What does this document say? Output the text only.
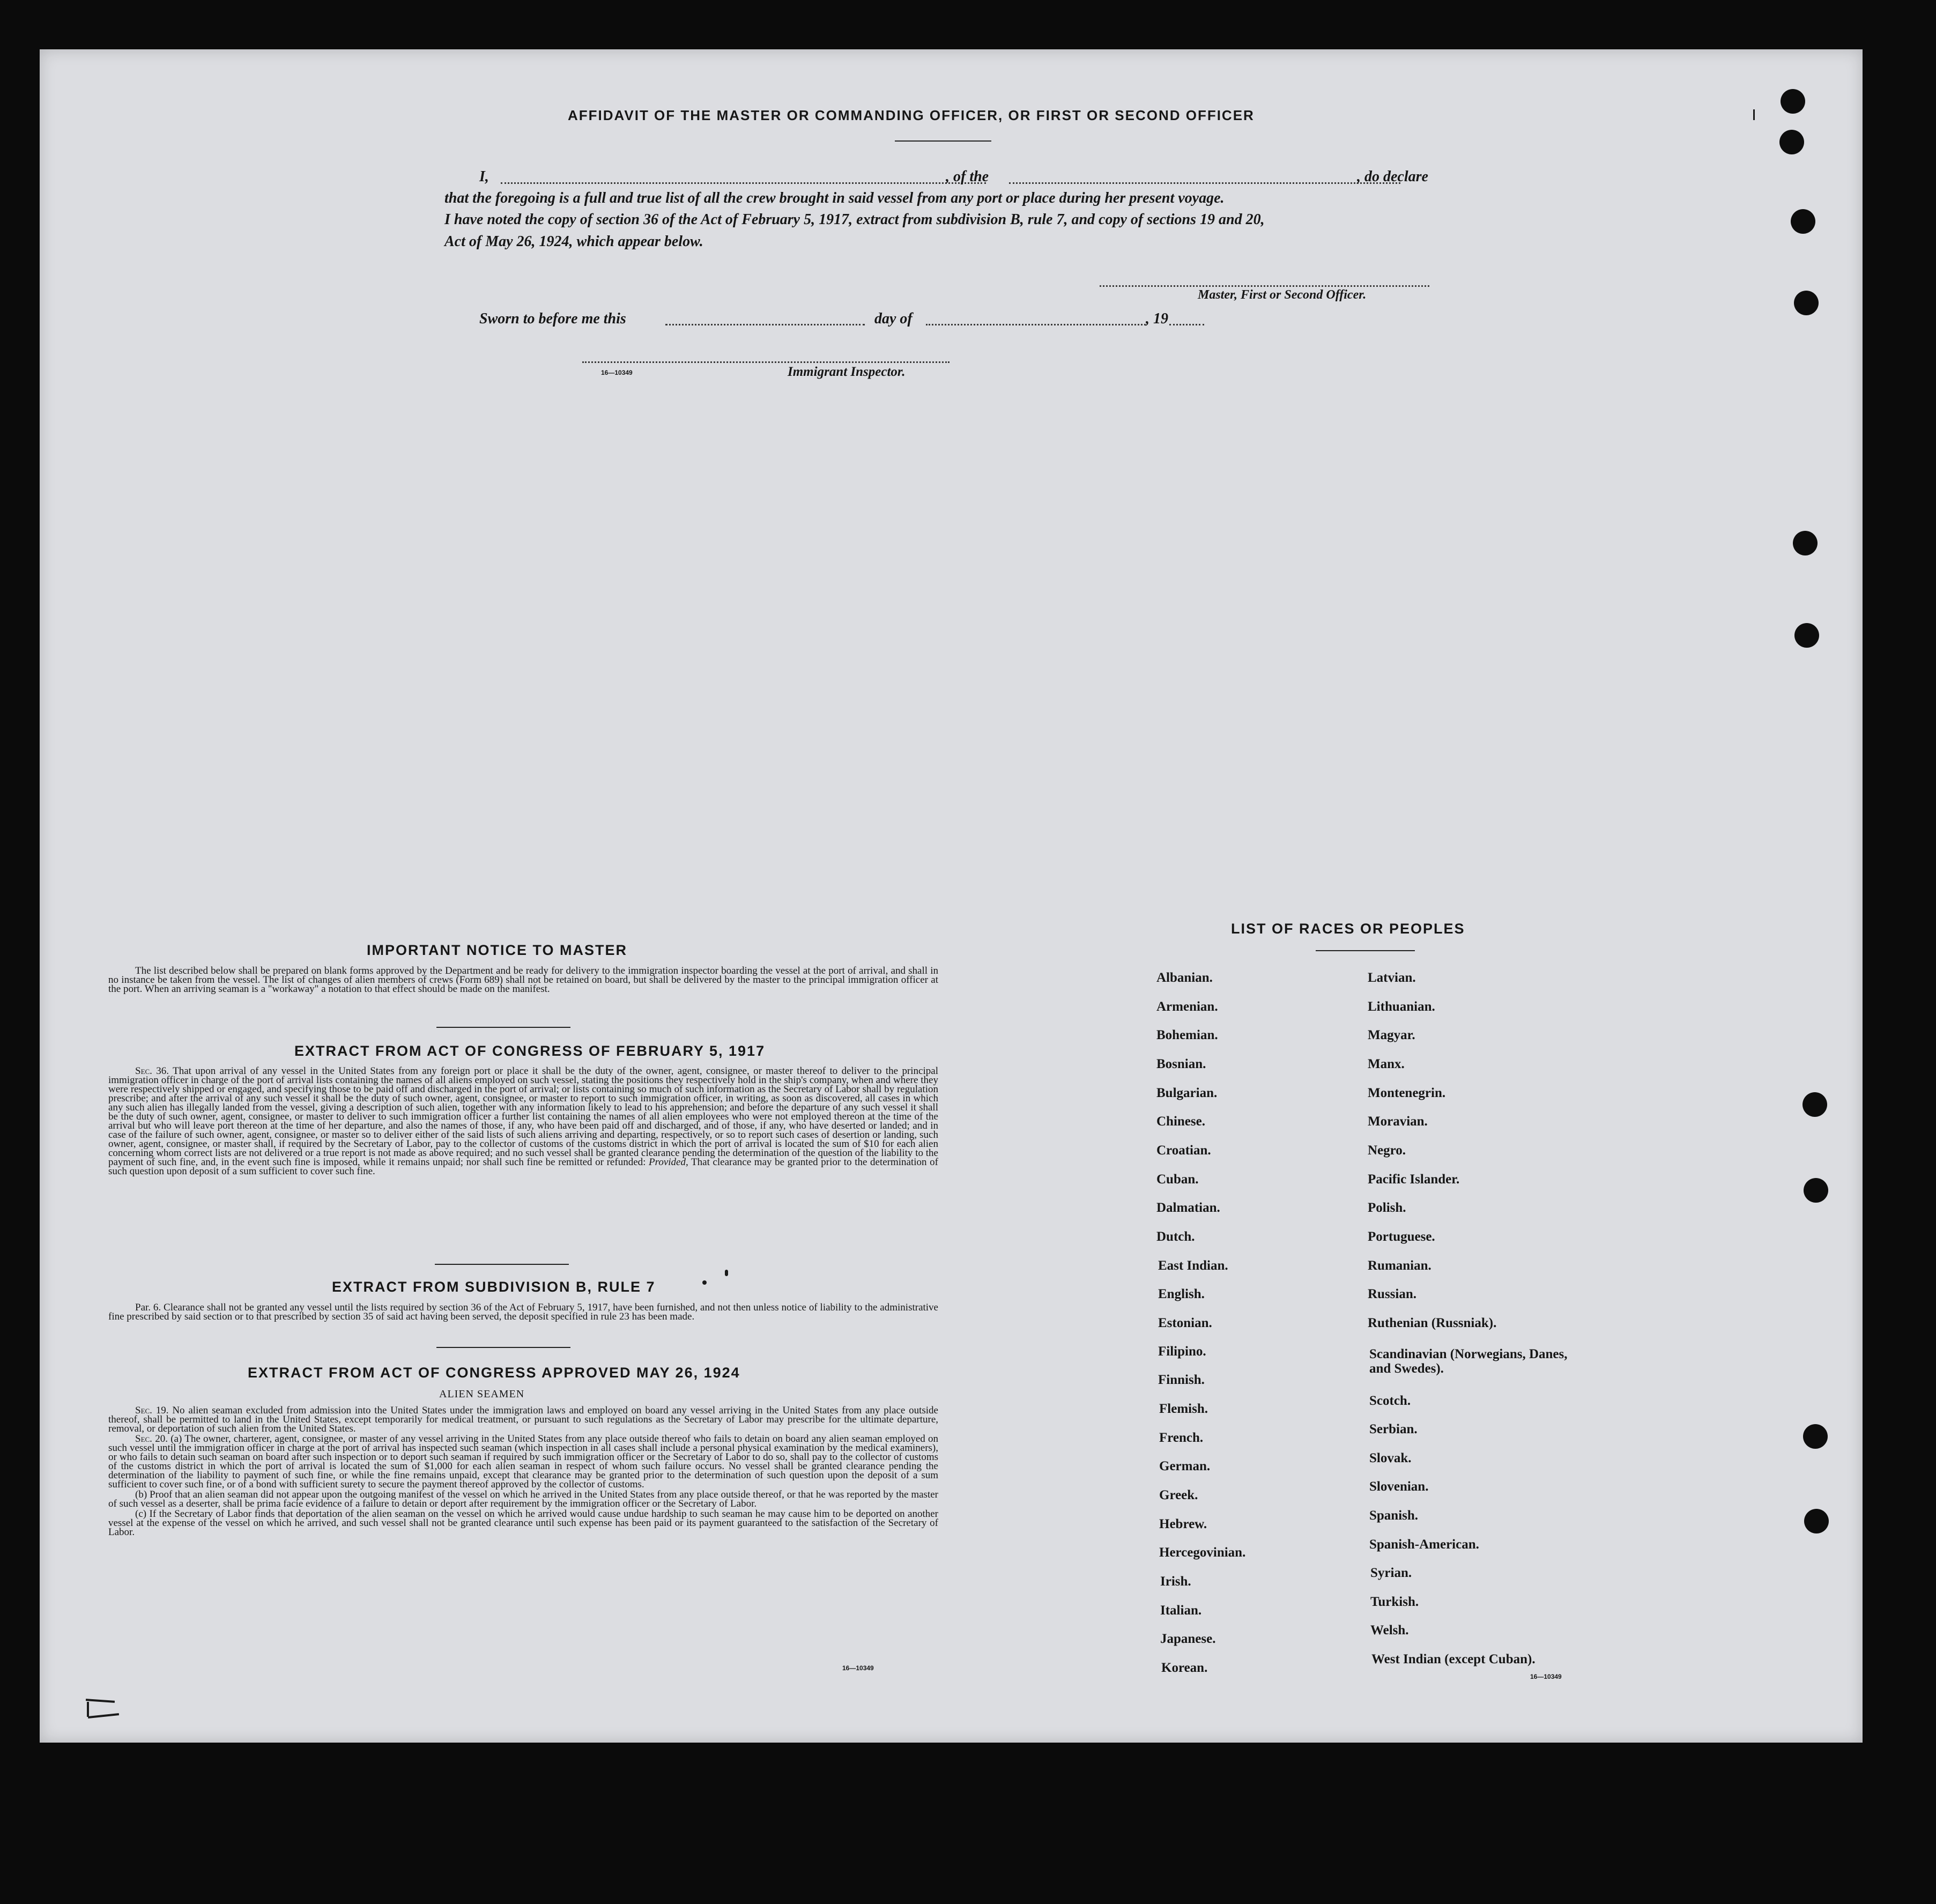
AFFIDAVIT OF THE MASTER OR COMMANDING OFFICER, OR FIRST OR SECOND OFFICER
I,	, of the	, do declare
that the foregoing is a full and true list of all the crew brought in said vessel from any port or place during her present voyage.
I have noted the copy of section 36 of the Act of February 5, 1917, extract from subdivision B, rule 7, and copy of sections 19 and 20,
Act of May 26, 1924, which appear below.
Master, First or Second Officer.
Sworn to before me this	day of	, 19
16—10349	Immigrant Inspector.
IMPORTANT NOTICE TO MASTER

The list described below shall be prepared on blank forms approved by the Department and be ready for delivery to the immigration inspector boarding the vessel at the port of arrival, and shall in no instance be taken from the vessel. The list of changes of alien members of crews (Form 689) shall not be retained on board, but shall be delivered by the master to the principal immigration officer at the port. When an arriving seaman is a "workaway" a notation to that effect should be made on the manifest.

EXTRACT FROM ACT OF CONGRESS OF FEBRUARY 5, 1917

Sec. 36. That upon arrival of any vessel in the United States from any foreign port or place it shall be the duty of the owner, agent, consignee, or master thereof to deliver to the principal immigration officer in charge of the port of arrival lists containing the names of all aliens employed on such vessel, stating the positions they respectively hold in the ship's company, when and where they were respectively shipped or engaged, and specifying those to be paid off and discharged in the port of arrival; or lists containing so much of such information as the Secretary of Labor shall by regulation prescribe; and after the arrival of any such vessel it shall be the duty of such owner, agent, consignee, or master to report to such immigration officer, in writing, as soon as discovered, all cases in which any such alien has illegally landed from the vessel, giving a description of such alien, together with any information likely to lead to his apprehension; and before the departure of any such vessel it shall be the duty of such owner, agent, consignee, or master to deliver to such immigration officer a further list containing the names of all alien employees who were not employed thereon at the time of the arrival but who will leave port thereon at the time of her departure, and also the names of those, if any, who have been paid off and discharged, and of those, if any, who have deserted or landed; and in case of the failure of such owner, agent, consignee, or master so to deliver either of the said lists of such aliens arriving and departing, respectively, or so to report such cases of desertion or landing, such owner, agent, consignee, or master shall, if required by the Secretary of Labor, pay to the collector of customs of the customs district in which the port of arrival is located the sum of $10 for each alien concerning whom correct lists are not delivered or a true report is not made as above required; and no such vessel shall be granted clearance pending the determination of the question of the liability to the payment of such fine, and, in the event such fine is imposed, while it remains unpaid; nor shall such fine be remitted or refunded: Provided, That clearance may be granted prior to the determination of such question upon deposit of a sum sufficient to cover such fine.

EXTRACT FROM SUBDIVISION B, RULE 7

Par. 6. Clearance shall not be granted any vessel until the lists required by section 36 of the Act of February 5, 1917, have been furnished, and not then unless notice of liability to the administrative fine prescribed by said section or to that prescribed by section 35 of said act having been served, the deposit specified in rule 23 has been made.

EXTRACT FROM ACT OF CONGRESS APPROVED MAY 26, 1924
ALIEN SEAMEN

Sec. 19. No alien seaman excluded from admission into the United States under the immigration laws and employed on board any vessel arriving in the United States from any place outside thereof, shall be permitted to land in the United States, except temporarily for medical treatment, or pursuant to such regulations as the Secretary of Labor may prescribe for the ultimate departure, removal, or deportation of such alien from the United States.

Sec. 20. (a) The owner, charterer, agent, consignee, or master of any vessel arriving in the United States from any place outside thereof who fails to detain on board any alien seaman employed on such vessel until the immigration officer in charge at the port of arrival has inspected such seaman (which inspection in all cases shall include a personal physical examination by the medical examiners), or who fails to detain such seaman on board after such inspection or to deport such seaman if required by such immigration officer or the Secretary of Labor to do so, shall pay to the collector of customs of the customs district in which the port of arrival is located the sum of $1,000 for each alien seaman in respect of whom such failure occurs. No vessel shall be granted clearance pending the determination of the liability to payment of such fine, or while the fine remains unpaid, except that clearance may be granted prior to the determination of such question upon the deposit of a sum sufficient to cover such fine, or of a bond with sufficient surety to secure the payment thereof approved by the collector of customs.

(b) Proof that an alien seaman did not appear upon the outgoing manifest of the vessel on which he arrived in the United States from any place outside thereof, or that he was reported by the master of such vessel as a deserter, shall be prima facie evidence of a failure to detain or deport after requirement by the immigration officer or the Secretary of Labor.

(c) If the Secretary of Labor finds that deportation of the alien seaman on the vessel on which he arrived would cause undue hardship to such seaman he may cause him to be deported on another vessel at the expense of the vessel on which he arrived, and such vessel shall not be granted clearance until such expense has been paid or its payment guaranteed to the satisfaction of the Secretary of Labor.

16—10349
LIST OF RACES OR PEOPLES
Albanian.
Armenian.
Bohemian.
Bosnian.
Bulgarian.
Chinese.
Croatian.
Cuban.
Dalmatian.
Dutch.
East Indian.
English.
Estonian.
Filipino.
Finnish.
Flemish.
French.
German.
Greek.
Hebrew.
Hercegovinian.
Irish.
Italian.
Japanese.
Korean.
Latvian.
Lithuanian.
Magyar.
Manx.
Montenegrin.
Moravian.
Negro.
Pacific Islander.
Polish.
Portuguese.
Rumanian.
Russian.
Ruthenian (Russniak).
Scandinavian (Norwegians, Danes, and Swedes).
Scotch.
Serbian.
Slovak.
Slovenian.
Spanish.
Spanish-American.
Syrian.
Turkish.
Welsh.
West Indian (except Cuban).
16—10349
